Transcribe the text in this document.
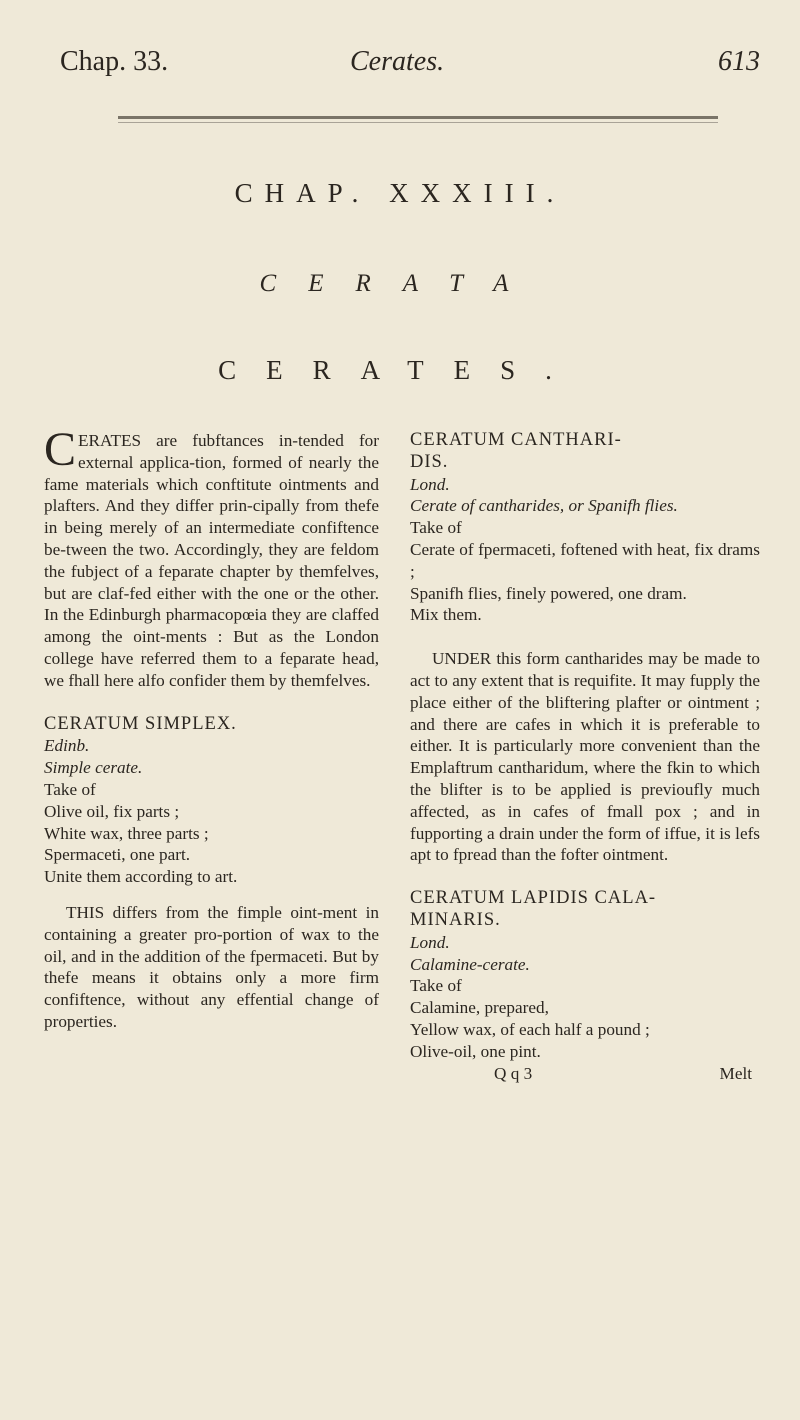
Chap. 33.	Cerates.	613
CHAP. XXXIII.
CERATA
CERATES.

CERATES are fubftances in-tended for external applica-tion, formed of nearly the fame materials which conftitute ointments and plafters. And they differ prin-cipally from thefe in being merely of an intermediate confiftence be-tween the two. Accordingly, they are feldom the fubject of a feparate chapter by themfelves, but are claf-fed either with the one or the other. In the Edinburgh pharmacopœia they are claffed among the oint-ments : But as the London college have referred them to a feparate head, we fhall here alfo confider them by themfelves.

CERATUM SIMPLEX.

Edinb.

Simple cerate.

Take of

Olive oil, fix parts ;

White wax, three parts ;

Spermaceti, one part.

Unite them according to art.

THIS differs from the fimple oint-ment in containing a greater pro-portion of wax to the oil, and in the addition of the fpermaceti. But by thefe means it obtains only a more firm confiftence, without any effential change of properties.

CERATUM CANTHARI-

DIS.

Lond.

Cerate of cantharides, or Spanifh flies.

Take of

Cerate of fpermaceti, foftened with heat, fix drams ;

Spanifh flies, finely powered, one dram.

Mix them.

UNDER this form cantharides may be made to act to any extent that is requifite. It may fupply the place either of the bliftering plafter or ointment ; and there are cafes in which it is preferable to either. It is particularly more convenient than the Emplaftrum cantharidum, where the fkin to which the blifter is to be applied is previoufly much affected, as in cafes of fmall pox ; and in fupporting a drain under the form of iffue, it is lefs apt to fpread than the fofter ointment.

CERATUM LAPIDIS CALA-

MINARIS.

Lond.

Calamine-cerate.

Take of

Calamine, prepared,

Yellow wax, of each half a pound ;

Olive-oil, one pint.

Q q 3	Melt
